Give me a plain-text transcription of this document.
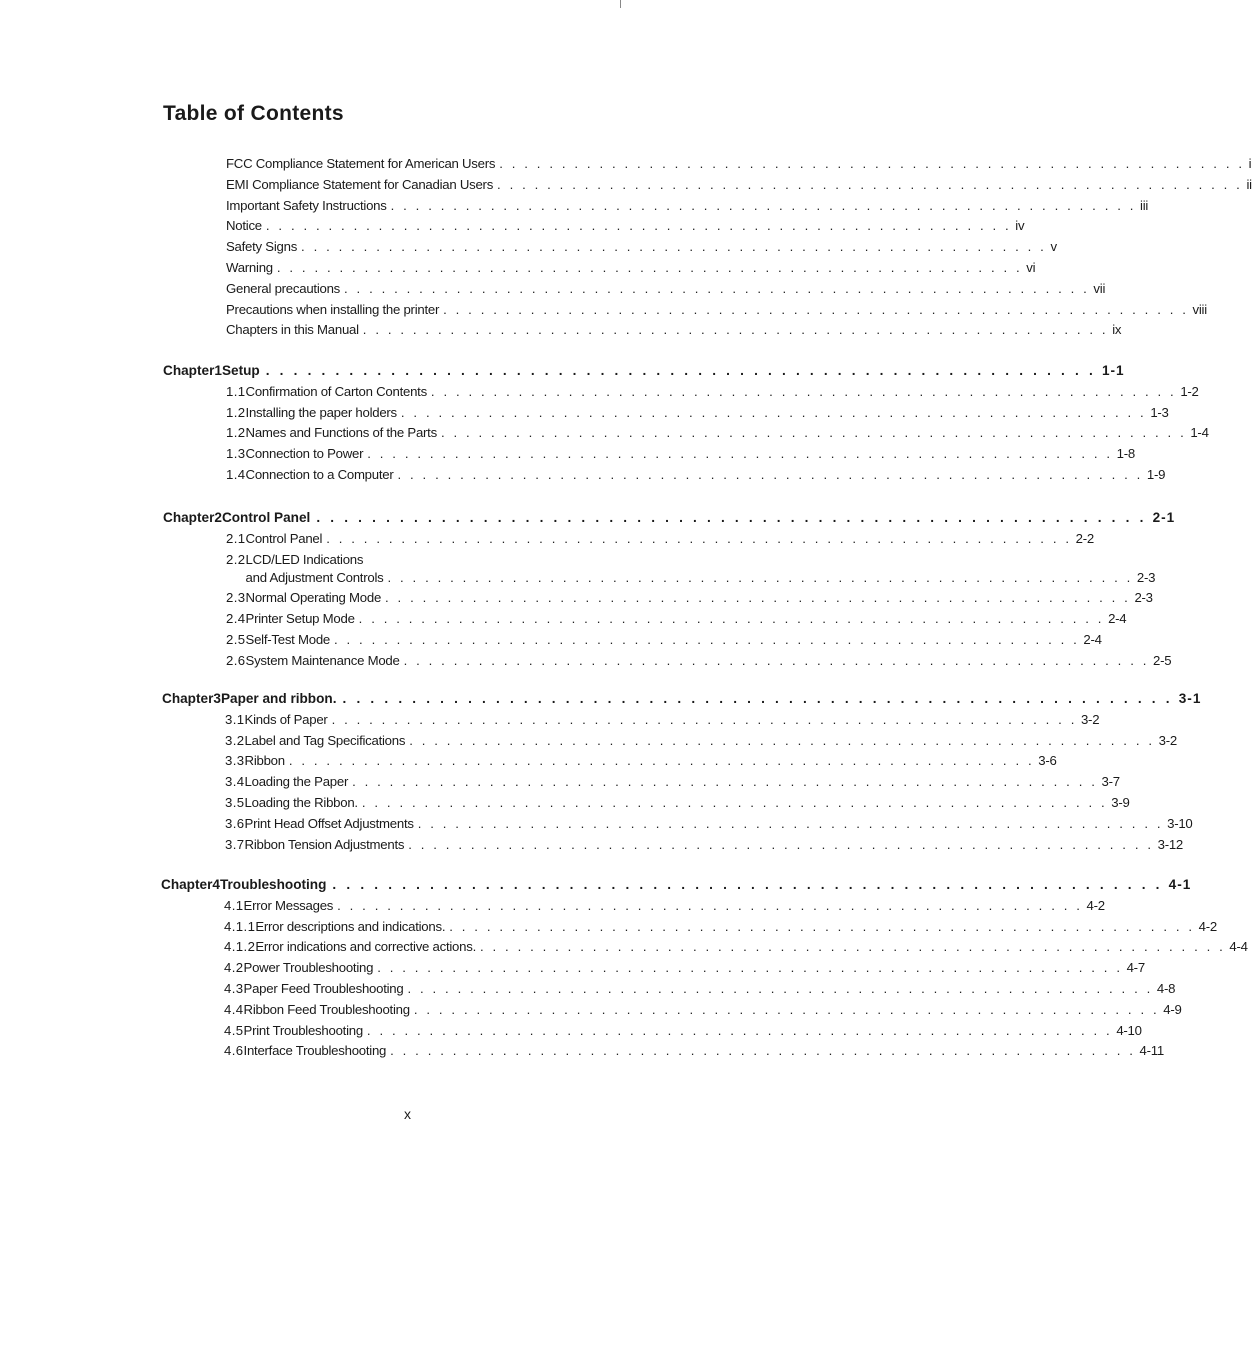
Table of Contents
FCC Compliance Statement for American Users . . . . . . . . . . . . . . . . . . . . . . . . . . . . . . . . . . . . . . . . . . . . . . . . . . . . . . . . . . . . i
EMI Compliance Statement for Canadian Users . . . . . . . . . . . . . . . . . . . . . . . . . . . . . . . . . . . . . . . . . . . . . . . . . . . . . . . . . . . . ii
Important Safety Instructions . . . . . . . . . . . . . . . . . . . . . . . . . . . . . . . . . . . . . . . . . . . . . . . . . . . . . . . . . . . . iii
Notice . . . . . . . . . . . . . . . . . . . . . . . . . . . . . . . . . . . . . . . . . . . . . . . . . . . . . . . . . . . . iv
Safety Signs . . . . . . . . . . . . . . . . . . . . . . . . . . . . . . . . . . . . . . . . . . . . . . . . . . . . . . . . . . . . v
Warning . . . . . . . . . . . . . . . . . . . . . . . . . . . . . . . . . . . . . . . . . . . . . . . . . . . . . . . . . . . . vi
General precautions . . . . . . . . . . . . . . . . . . . . . . . . . . . . . . . . . . . . . . . . . . . . . . . . . . . . . . . . . . . . vii
Precautions when installing the printer . . . . . . . . . . . . . . . . . . . . . . . . . . . . . . . . . . . . . . . . . . . . . . . . . . . . . . . . . . . . viii
Chapters in this Manual . . . . . . . . . . . . . . . . . . . . . . . . . . . . . . . . . . . . . . . . . . . . . . . . . . . . . . . . . . . . ix
Chapter 1 Setup . . . . . . . . . . . . . . . . . . . . . . . . . . . . . . . . . . . . . . . . . . . . . . . . . . . . . . . . . . . . 1-1
1.1 Confirmation of Carton Contents . . . . . . . . . . . . . . . . . . . . . . . . . . . . . . . . . . . . . . . . . . . . . . . . . . . . . . . . . . . . 1-2
1.2 Installing the paper holders . . . . . . . . . . . . . . . . . . . . . . . . . . . . . . . . . . . . . . . . . . . . . . . . . . . . . . . . . . . . 1-3
1.2 Names and Functions of the Parts . . . . . . . . . . . . . . . . . . . . . . . . . . . . . . . . . . . . . . . . . . . . . . . . . . . . . . . . . . . . 1-4
1.3 Connection to Power . . . . . . . . . . . . . . . . . . . . . . . . . . . . . . . . . . . . . . . . . . . . . . . . . . . . . . . . . . . . 1-8
1.4 Connection to a Computer . . . . . . . . . . . . . . . . . . . . . . . . . . . . . . . . . . . . . . . . . . . . . . . . . . . . . . . . . . . . 1-9
Chapter 2 Control Panel . . . . . . . . . . . . . . . . . . . . . . . . . . . . . . . . . . . . . . . . . . . . . . . . . . . . . . . . . . . . 2-1
2.1 Control Panel . . . . . . . . . . . . . . . . . . . . . . . . . . . . . . . . . . . . . . . . . . . . . . . . . . . . . . . . . . . . 2-2
2.2 LCD/LED Indications
and Adjustment Controls . . . . . . . . . . . . . . . . . . . . . . . . . . . . . . . . . . . . . . . . . . . . . . . . . . . . . . . . . . . . 2-3
2.3 Normal Operating Mode . . . . . . . . . . . . . . . . . . . . . . . . . . . . . . . . . . . . . . . . . . . . . . . . . . . . . . . . . . . . 2-3
2.4 Printer Setup Mode . . . . . . . . . . . . . . . . . . . . . . . . . . . . . . . . . . . . . . . . . . . . . . . . . . . . . . . . . . . . 2-4
2.5 Self-Test Mode . . . . . . . . . . . . . . . . . . . . . . . . . . . . . . . . . . . . . . . . . . . . . . . . . . . . . . . . . . . . 2-4
2.6 System Maintenance Mode . . . . . . . . . . . . . . . . . . . . . . . . . . . . . . . . . . . . . . . . . . . . . . . . . . . . . . . . . . . . 2-5
Chapter 3 Paper and ribbon. . . . . . . . . . . . . . . . . . . . . . . . . . . . . . . . . . . . . . . . . . . . . . . . . . . . . . . . . . . . . 3-1
3.1 Kinds of Paper . . . . . . . . . . . . . . . . . . . . . . . . . . . . . . . . . . . . . . . . . . . . . . . . . . . . . . . . . . . . 3-2
3.2 Label and Tag Specifications . . . . . . . . . . . . . . . . . . . . . . . . . . . . . . . . . . . . . . . . . . . . . . . . . . . . . . . . . . . . 3-2
3.3 Ribbon . . . . . . . . . . . . . . . . . . . . . . . . . . . . . . . . . . . . . . . . . . . . . . . . . . . . . . . . . . . . 3-6
3.4 Loading the Paper . . . . . . . . . . . . . . . . . . . . . . . . . . . . . . . . . . . . . . . . . . . . . . . . . . . . . . . . . . . . 3-7
3.5 Loading the Ribbon. . . . . . . . . . . . . . . . . . . . . . . . . . . . . . . . . . . . . . . . . . . . . . . . . . . . . . . . . . . . . 3-9
3.6 Print Head Offset Adjustments . . . . . . . . . . . . . . . . . . . . . . . . . . . . . . . . . . . . . . . . . . . . . . . . . . . . . . . . . . . . 3-10
3.7 Ribbon Tension Adjustments . . . . . . . . . . . . . . . . . . . . . . . . . . . . . . . . . . . . . . . . . . . . . . . . . . . . . . . . . . . . 3-12
Chapter 4 Troubleshooting . . . . . . . . . . . . . . . . . . . . . . . . . . . . . . . . . . . . . . . . . . . . . . . . . . . . . . . . . . . . 4-1
4.1 Error Messages . . . . . . . . . . . . . . . . . . . . . . . . . . . . . . . . . . . . . . . . . . . . . . . . . . . . . . . . . . . . 4-2
4.1.1 Error descriptions and indications. . . . . . . . . . . . . . . . . . . . . . . . . . . . . . . . . . . . . . . . . . . . . . . . . . . . . . . . . . . . . 4-2
4.1.2 Error indications and corrective actions. . . . . . . . . . . . . . . . . . . . . . . . . . . . . . . . . . . . . . . . . . . . . . . . . . . . . . . . . . . . . 4-4
4.2 Power Troubleshooting . . . . . . . . . . . . . . . . . . . . . . . . . . . . . . . . . . . . . . . . . . . . . . . . . . . . . . . . . . . . 4-7
4.3 Paper Feed Troubleshooting . . . . . . . . . . . . . . . . . . . . . . . . . . . . . . . . . . . . . . . . . . . . . . . . . . . . . . . . . . . . 4-8
4.4 Ribbon Feed Troubleshooting . . . . . . . . . . . . . . . . . . . . . . . . . . . . . . . . . . . . . . . . . . . . . . . . . . . . . . . . . . . . 4-9
4.5 Print Troubleshooting . . . . . . . . . . . . . . . . . . . . . . . . . . . . . . . . . . . . . . . . . . . . . . . . . . . . . . . . . . . . 4-10
4.6 Interface Troubleshooting . . . . . . . . . . . . . . . . . . . . . . . . . . . . . . . . . . . . . . . . . . . . . . . . . . . . . . . . . . . . 4-11
x
